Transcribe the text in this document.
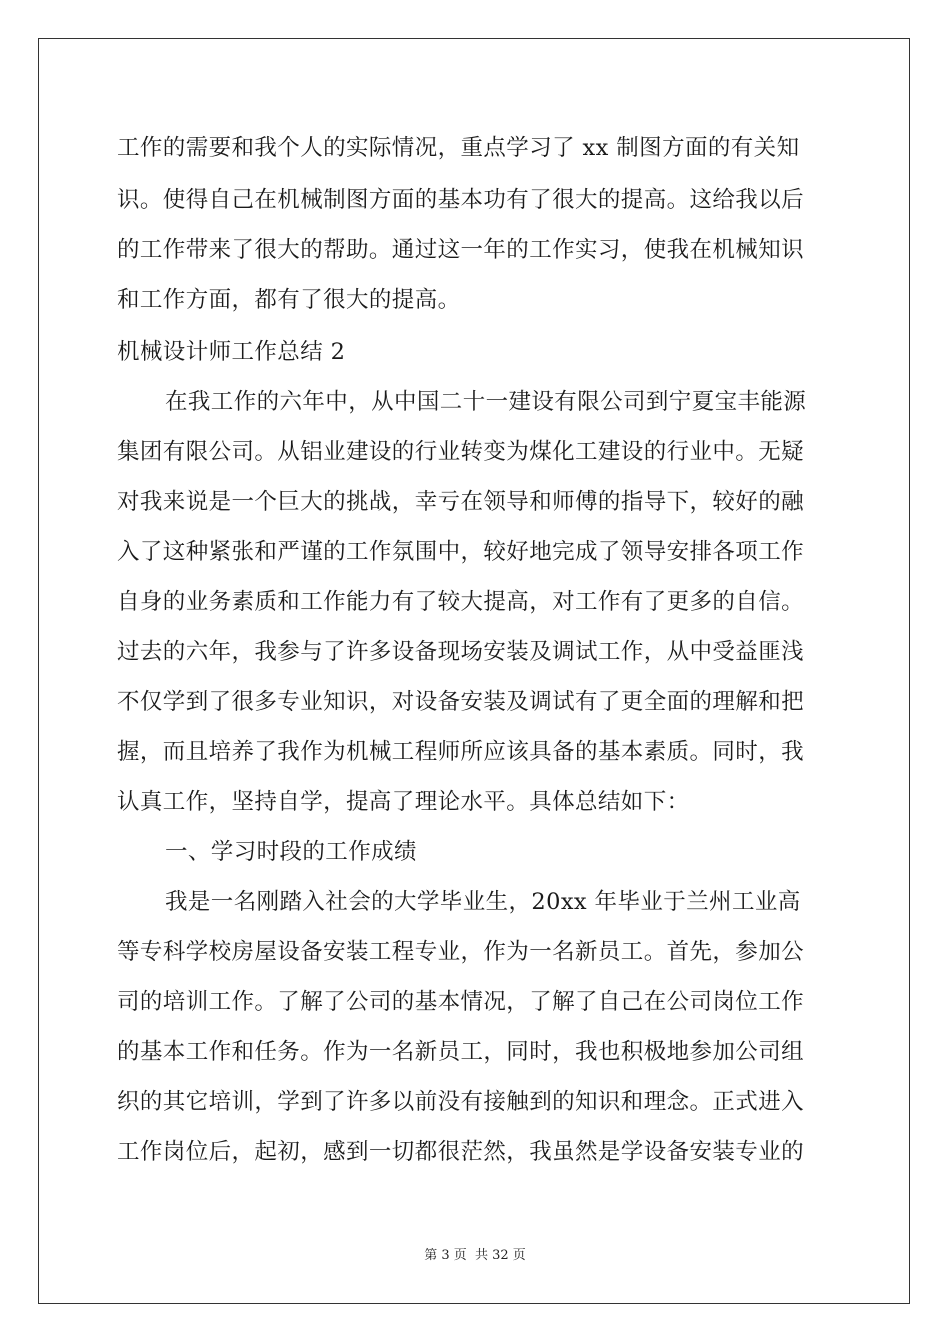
工作的需要和我个人的实际情况，重点学习了 xx 制图方面的有关知
识。使得自己在机械制图方面的基本功有了很大的提高。这给我以后
的工作带来了很大的帮助。通过这一年的工作实习，使我在机械知识
和工作方面，都有了很大的提高。
机械设计师工作总结 2
在我工作的六年中，从中国二十一建设有限公司到宁夏宝丰能源
集团有限公司。从铝业建设的行业转变为煤化工建设的行业中。无疑
对我来说是一个巨大的挑战，幸亏在领导和师傅的指导下，较好的融
入了这种紧张和严谨的工作氛围中，较好地完成了领导安排各项工作
自身的业务素质和工作能力有了较大提高，对工作有了更多的自信。
过去的六年，我参与了许多设备现场安装及调试工作，从中受益匪浅
不仅学到了很多专业知识，对设备安装及调试有了更全面的理解和把
握，而且培养了我作为机械工程师所应该具备的基本素质。同时，我
认真工作，坚持自学，提高了理论水平。具体总结如下：
一、学习时段的工作成绩
我是一名刚踏入社会的大学毕业生，20xx 年毕业于兰州工业高
等专科学校房屋设备安装工程专业，作为一名新员工。首先，参加公
司的培训工作。了解了公司的基本情况，了解了自己在公司岗位工作
的基本工作和任务。作为一名新员工，同时，我也积极地参加公司组
织的其它培训，学到了许多以前没有接触到的知识和理念。正式进入
工作岗位后，起初，感到一切都很茫然，我虽然是学设备安装专业的
第 3 页 共 32 页
